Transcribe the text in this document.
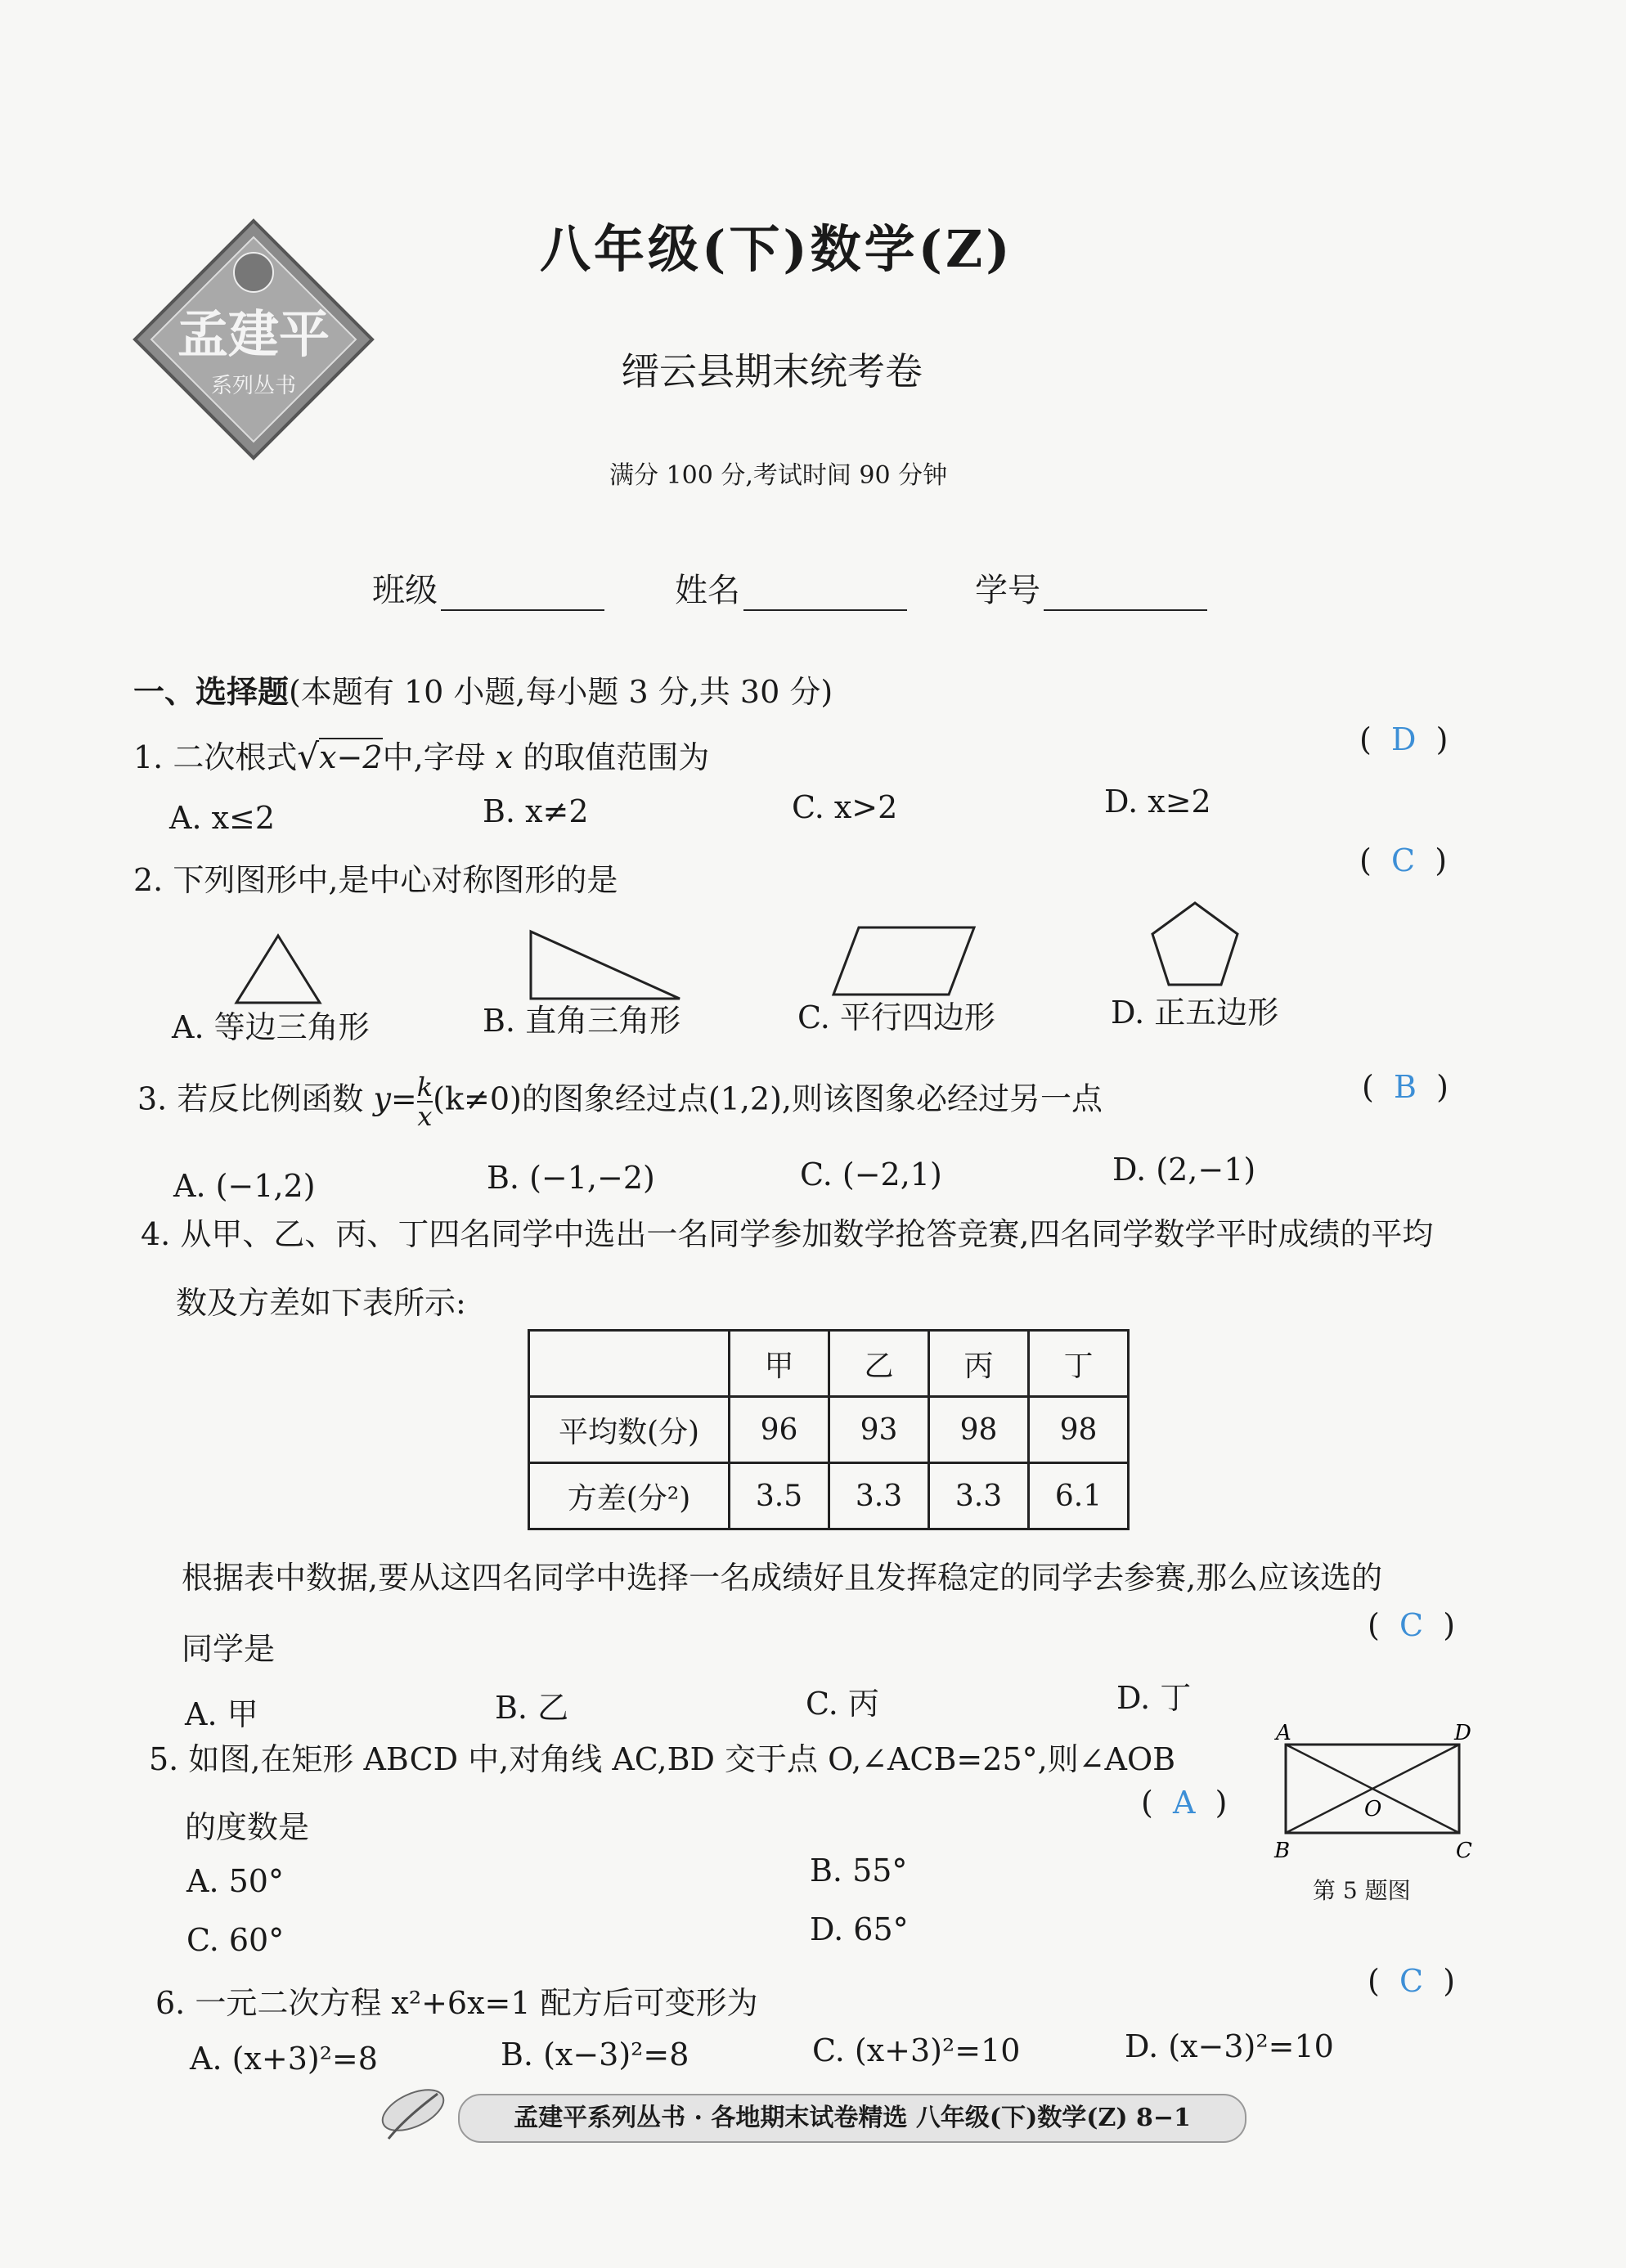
孟建平
系列丛书
八年级(下)数学(Z)
缙云县期末统考卷
满分 100 分,考试时间 90 分钟
班级	姓名	学号
一、选择题(本题有 10 小题,每小题 3 分,共 30 分)
1. 二次根式√x−2中,字母 x 的取值范围为	(  D  )
A. x≤2	B. x≠2	C. x>2	D. x≥2
2. 下列图形中,是中心对称图形的是
(  C  )
A. 等边三角形	B. 直角三角形	C. 平行四边形	D. 正五边形
3. 若反比例函数 $y= \frac{k}{x} (k\ne 0)$的图象经过点(1,2),则该图象必经过另一点	(  B  )
A. (−1,2)	B. (−1,−2)	C. (−2,1)	D. (2,−1)
4. 从甲、乙、丙、丁四名同学中选出一名同学参加数学抢答竞赛,四名同学数学平时成绩的平均
数及方差如下表所示:
	甲	乙	丙	丁
平均数(分)	96	93	98	98
方差(分²)	3.5	3.3	3.3	6.1
根据表中数据,要从这四名同学中选择一名成绩好且发挥稳定的同学去参赛,那么应该选的
同学是
(  C  )
A. 甲	B. 乙	C. 丙	D. 丁
5. 如图,在矩形 ABCD 中,对角线 AC,BD 交于点 O,∠ACB=25°,则∠AOB
的度数是
(  A  )
A. 50°	B. 55°
C. 60°	D. 65°
A	D
B	C
O
第 5 题图
6. 一元二次方程 x²+6x=1 配方后可变形为
(  C  )
A. (x+3)²=8	B. (x−3)²=8	C. (x+3)²=10	D. (x−3)²=10
孟建平系列丛书 · 各地期末试卷精选 八年级(下)数学(Z) 8−1
